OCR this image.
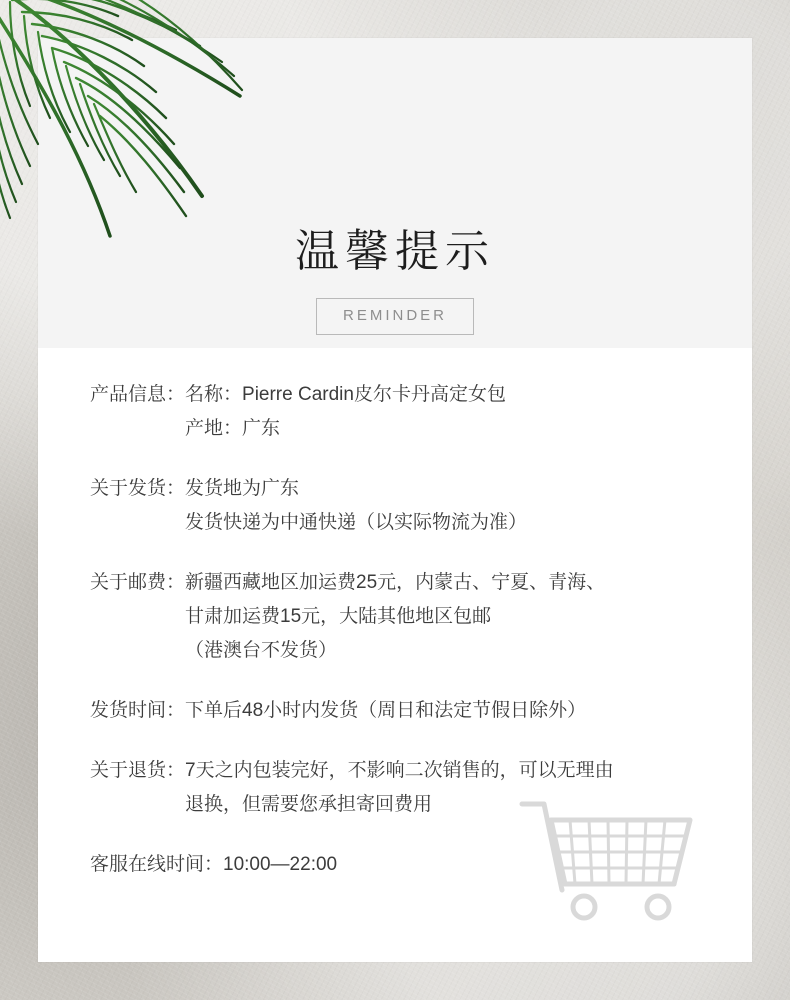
温馨提示
REMINDER
产品信息： 名称：Pierre Cardin皮尔卡丹高定女包
产地：广东
关于发货： 发货地为广东
发货快递为中通快递（以实际物流为准）
关于邮费： 新疆西藏地区加运费25元，内蒙古、宁夏、青海、
甘肃加运费15元，大陆其他地区包邮
（港澳台不发货）
发货时间： 下单后48小时内发货（周日和法定节假日除外）
关于退货： 7天之内包装完好，不影响二次销售的，可以无理由
退换，但需要您承担寄回费用
客服在线时间： 10:00—22:00
